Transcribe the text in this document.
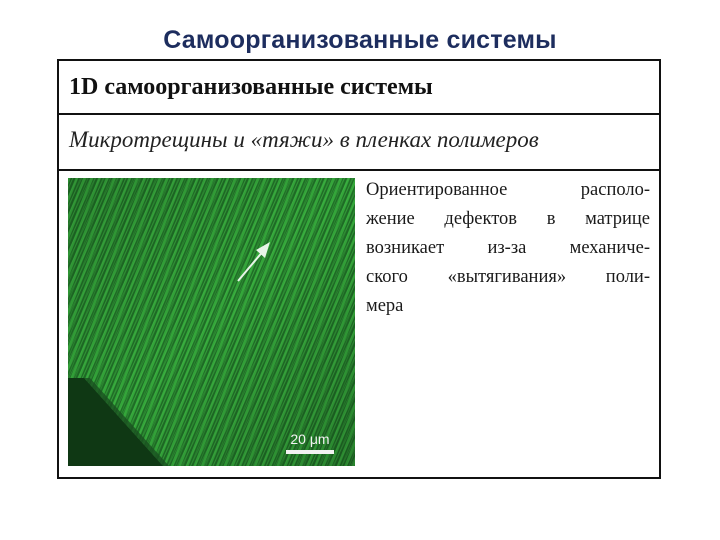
Самоорганизованные системы
1D самоорганизованные системы
Микротрещины и «тяжи» в пленках полимеров
20 μm
Ориентированное располо-
жение дефектов в матрице
возникает из-за механиче-
ского «вытягивания» поли-
мера
